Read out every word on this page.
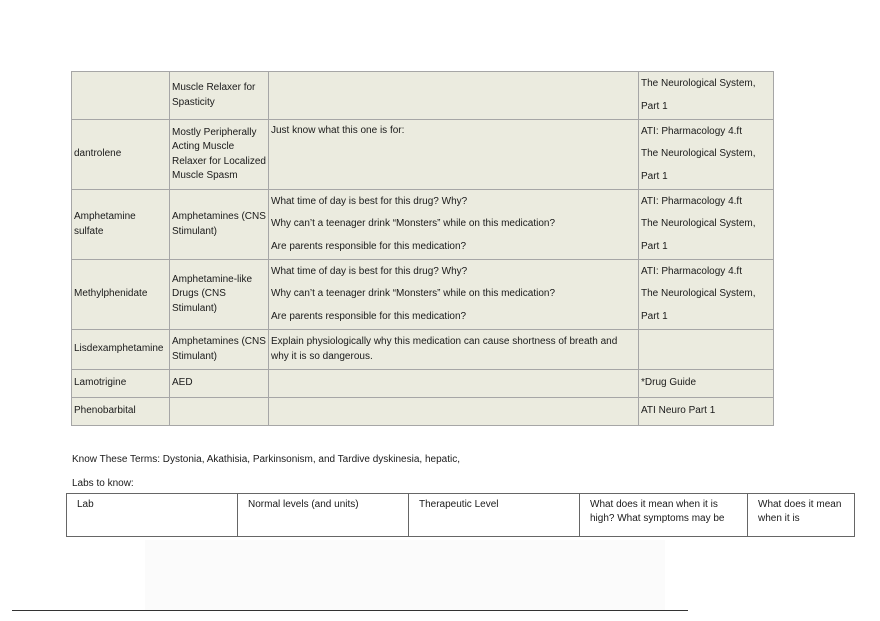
	Muscle Relaxer for Spasticity		The Neurological System,
Part 1

dantrolene	Mostly Peripherally Acting Muscle Relaxer for Localized Muscle Spasm	Just know what this one is for:	ATI: Pharmacology 4.ft
The Neurological System,
Part 1

Amphetamine sulfate	Amphetamines (CNS Stimulant)	What time of day is best for this drug? Why?
Why can’t a teenager drink “Monsters” while on this medication?
Are parents responsible for this medication?	ATI: Pharmacology 4.ft
The Neurological System,
Part 1

Methylphenidate	Amphetamine-like Drugs (CNS Stimulant)	What time of day is best for this drug? Why?
Why can’t a teenager drink “Monsters” while on this medication?
Are parents responsible for this medication?	ATI: Pharmacology 4.ft
The Neurological System,
Part 1

Lisdexamphetamine	Amphetamines (CNS Stimulant)	Explain physiologically why this medication can cause shortness of breath and why it is so dangerous.	

Lamotrigine	AED		*Drug Guide

Phenobarbital			ATI Neuro Part 1
Know These Terms: Dystonia, Akathisia, Parkinsonism, and Tardive dyskinesia, hepatic,
Labs to know:
Lab	Normal levels (and units)	Therapeutic Level	What does it mean when it is high? What symptoms may be	What does it mean when it is
